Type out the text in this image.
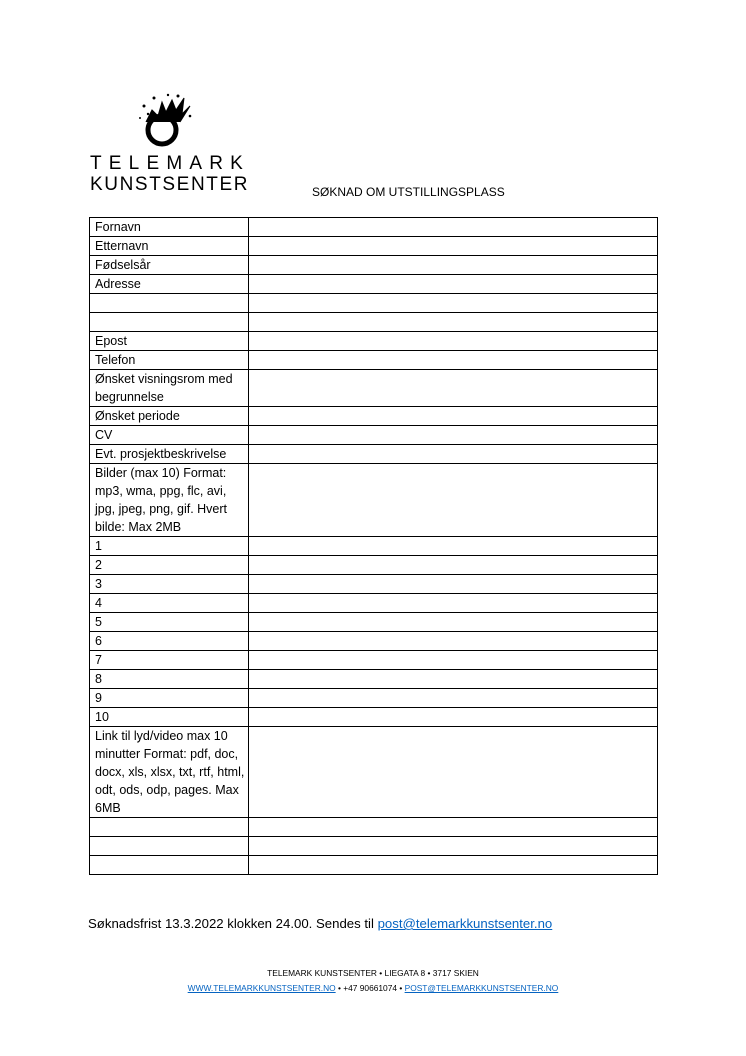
TELEMARK
KUNSTSENTER	SØKNAD OM UTSTILLINGSPLASS
Fornavn	
Etternavn	
Fødselsår	
Adresse	

Epost	
Telefon	
Ønsket visningsrom med begrunnelse	
Ønsket periode	
CV	
Evt. prosjektbeskrivelse	
Bilder (max 10) Format: mp3, wma, ppg, flc, avi, jpg, jpeg, png, gif. Hvert bilde: Max 2MB	
1	
2	
3	
4	
5	
6	
7	
8	
9	
10	
Link til lyd/video max 10 minutter Format: pdf, doc, docx, xls, xlsx, txt, rtf, html, odt, ods, odp, pages. Max 6MB	

Søknadsfrist 13.3.2022 klokken 24.00. Sendes til post@telemarkkunstsenter.no
TELEMARK KUNSTSENTER • LIEGATA 8 • 3717 SKIEN
WWW.TELEMARKKUNSTSENTER.NO • +47 90661074 • POST@TELEMARKKUNSTSENTER.NO
